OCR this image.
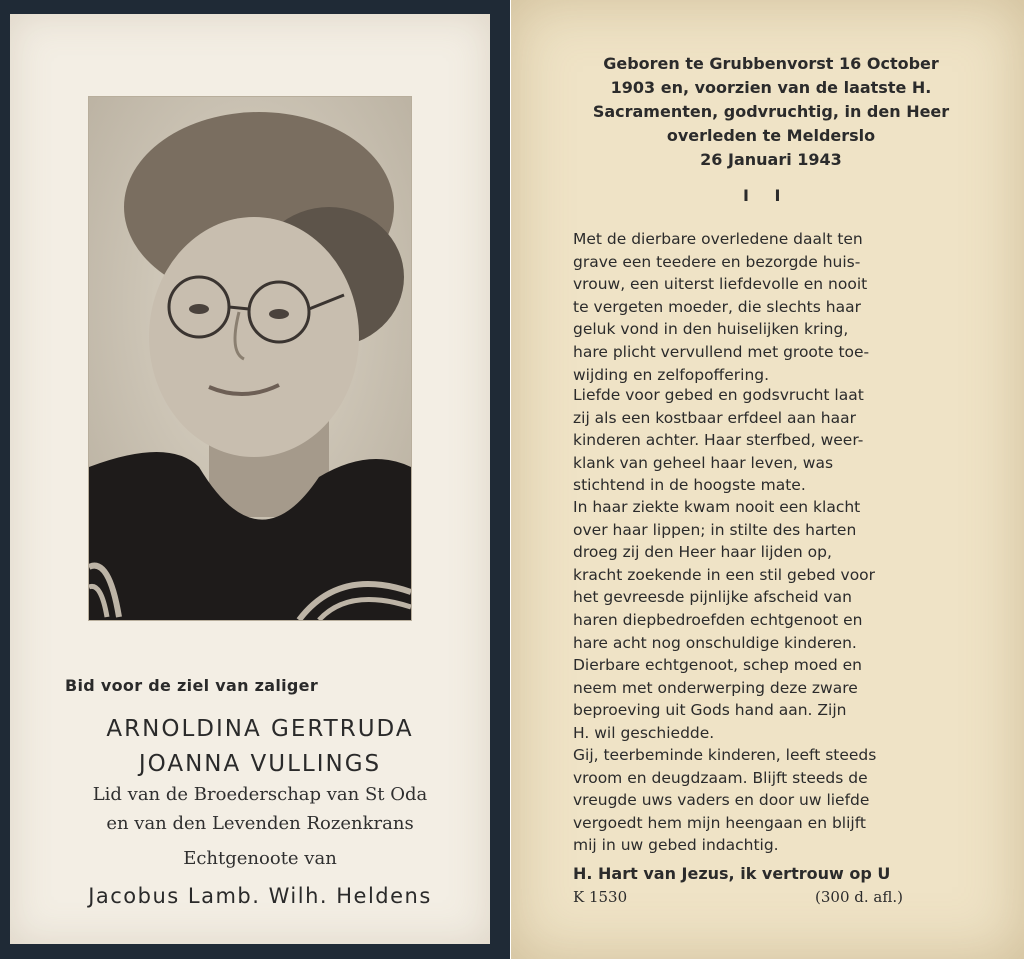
Bid voor de ziel van zaliger
ARNOLDINA GERTRUDA
JOANNA VULLINGS
Lid van de Broederschap van St Oda
en van den Levenden Rozenkrans
Echtgenoote van
Jacobus Lamb. Wilh. Heldens
Geboren te Grubbenvorst 16 October
1903 en, voorzien van de laatste H.
Sacramenten, godvruchtig, in den Heer
overleden te Melderslo
26 Januari 1943
I I
Met de dierbare overledene daalt ten
grave een teedere en bezorgde huis-
vrouw, een uiterst liefdevolle en nooit
te vergeten moeder, die slechts haar
geluk vond in den huiselijken kring,
hare plicht vervullend met groote toe-
wijding en zelfopoffering.
Liefde voor gebed en godsvrucht laat
zij als een kostbaar erfdeel aan haar
kinderen achter. Haar sterfbed, weer-
klank van geheel haar leven, was
stichtend in de hoogste mate.
In haar ziekte kwam nooit een klacht
over haar lippen; in stilte des harten
droeg zij den Heer haar lijden op,
kracht zoekende in een stil gebed voor
het gevreesde pijnlijke afscheid van
haren diepbedroefden echtgenoot en
hare acht nog onschuldige kinderen.
Dierbare echtgenoot, schep moed en
neem met onderwerping deze zware
beproeving uit Gods hand aan. Zijn
H. wil geschiedde.
Gij, teerbeminde kinderen, leeft steeds
vroom en deugdzaam. Blijft steeds de
vreugde uws vaders en door uw liefde
vergoedt hem mijn heengaan en blijft
mij in uw gebed indachtig.
H. Hart van Jezus, ik vertrouw op U
K 1530	(300 d. afl.)
